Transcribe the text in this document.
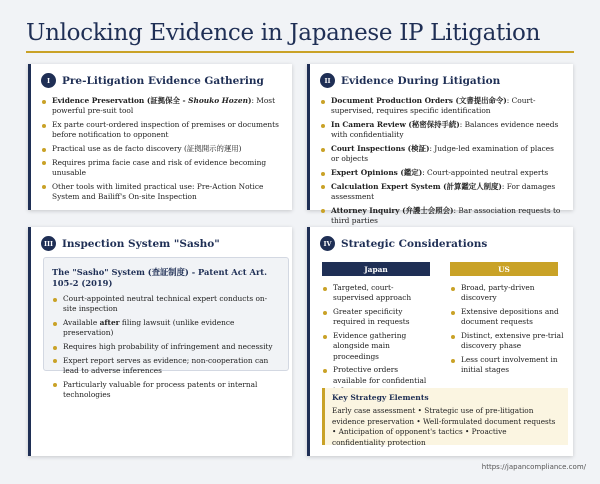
Unlocking Evidence in Japanese IP Litigation
I	Pre-Litigation Evidence Gathering
Evidence Preservation (証拠保全 - Shouko Hozen): Most powerful pre-suit tool
Ex parte court-ordered inspection of premises or documents before notification to opponent
Practical use as de facto discovery (証拠開示的運用)
Requires prima facie case and risk of evidence becoming unusable
Other tools with limited practical use: Pre-Action Notice System and Bailiff's On-site Inspection
II Evidence During Litigation
Document Production Orders (文書提出命令): Court-supervised, requires specific identification
In Camera Review (秘密保持手続): Balances evidence needs with confidentiality
Court Inspections (検証): Judge-led examination of places or objects
Expert Opinions (鑑定): Court-appointed neutral experts
Calculation Expert System (計算鑑定人制度): For damages assessment
Attorney Inquiry (弁護士会照会): Bar association requests to third parties
III Inspection System "Sasho"
The "Sasho" System (査証制度) - Patent Act Art. 105-2 (2019)
Court-appointed neutral technical expert conducts on-site inspection
Available after filing lawsuit (unlike evidence preservation)
Requires high probability of infringement and necessity
Expert report serves as evidence; non-cooperation can lead to adverse inferences
Particularly valuable for process patents or internal technologies
IV Strategic Considerations
Japan	US
Targeted, court-supervised approach
Greater specificity required in requests
Evidence gathering alongside main proceedings
Protective orders available for confidential
Broad, party-driven discovery
Extensive depositions and document requests
Distinct, extensive pre-trial discovery phase
Less court involvement in initial stages
Key Strategy Elements
Early case assessment • Strategic use of pre-litigation evidence preservation • Well-formulated document requests • Anticipation of opponent's tactics • Proactive confidentiality protection
https://japancompliance.com/
